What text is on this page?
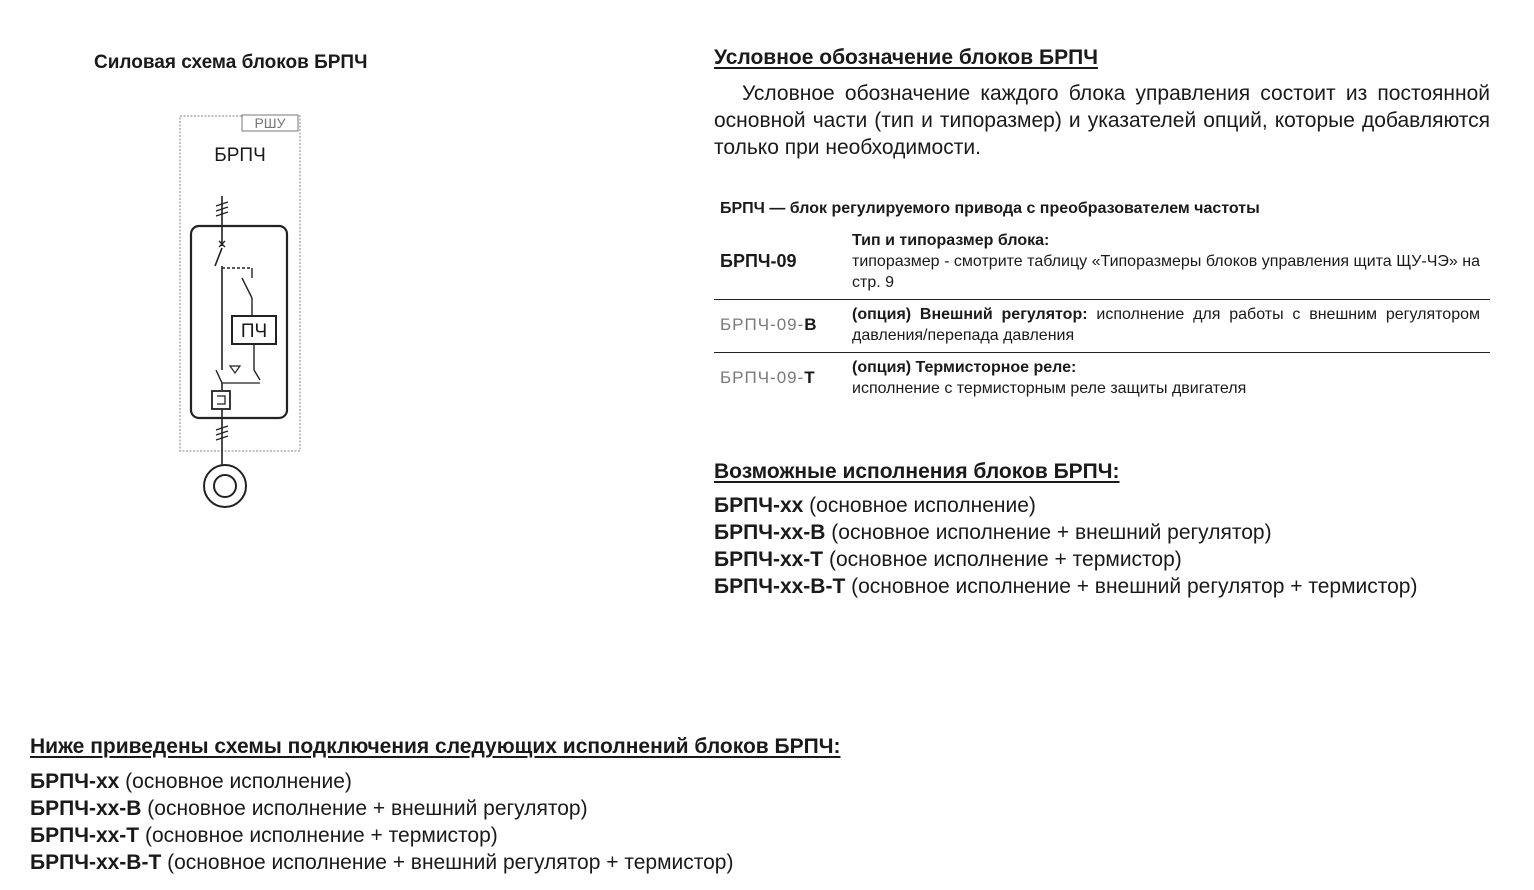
Силовая схема блоков БРПЧ
РШУ
БРПЧ
ПЧ
Условное обозначение блоков БРПЧ
Условное обозначение каждого блока управления состоит из постоянной основной части (тип и типоразмер) и указателей опций, которые добавляются только при необходимости.
БРПЧ — блок регулируемого привода с преобразователем частоты
БРПЧ-09
Тип и типоразмер блока:
типоразмер - смотрите таблицу «Типоразмеры блоков управления щита ЩУ-ЧЭ» на стр. 9
БРПЧ-09-В
(опция) Внешний регулятор: исполнение для работы с внешним регулятором давления/перепада давления
БРПЧ-09-Т
(опция) Термисторное реле:
исполнение с термисторным реле защиты двигателя
Возможные исполнения блоков БРПЧ:
БРПЧ-хх (основное исполнение)
БРПЧ-хх-В (основное исполнение + внешний регулятор)
БРПЧ-хх-Т (основное исполнение + термистор)
БРПЧ-хх-В-Т (основное исполнение + внешний регулятор + термистор)
Ниже приведены схемы подключения следующих исполнений блоков БРПЧ:
БРПЧ-хх (основное исполнение)
БРПЧ-хх-В (основное исполнение + внешний регулятор)
БРПЧ-хх-Т (основное исполнение + термистор)
БРПЧ-хх-В-Т (основное исполнение + внешний регулятор + термистор)
